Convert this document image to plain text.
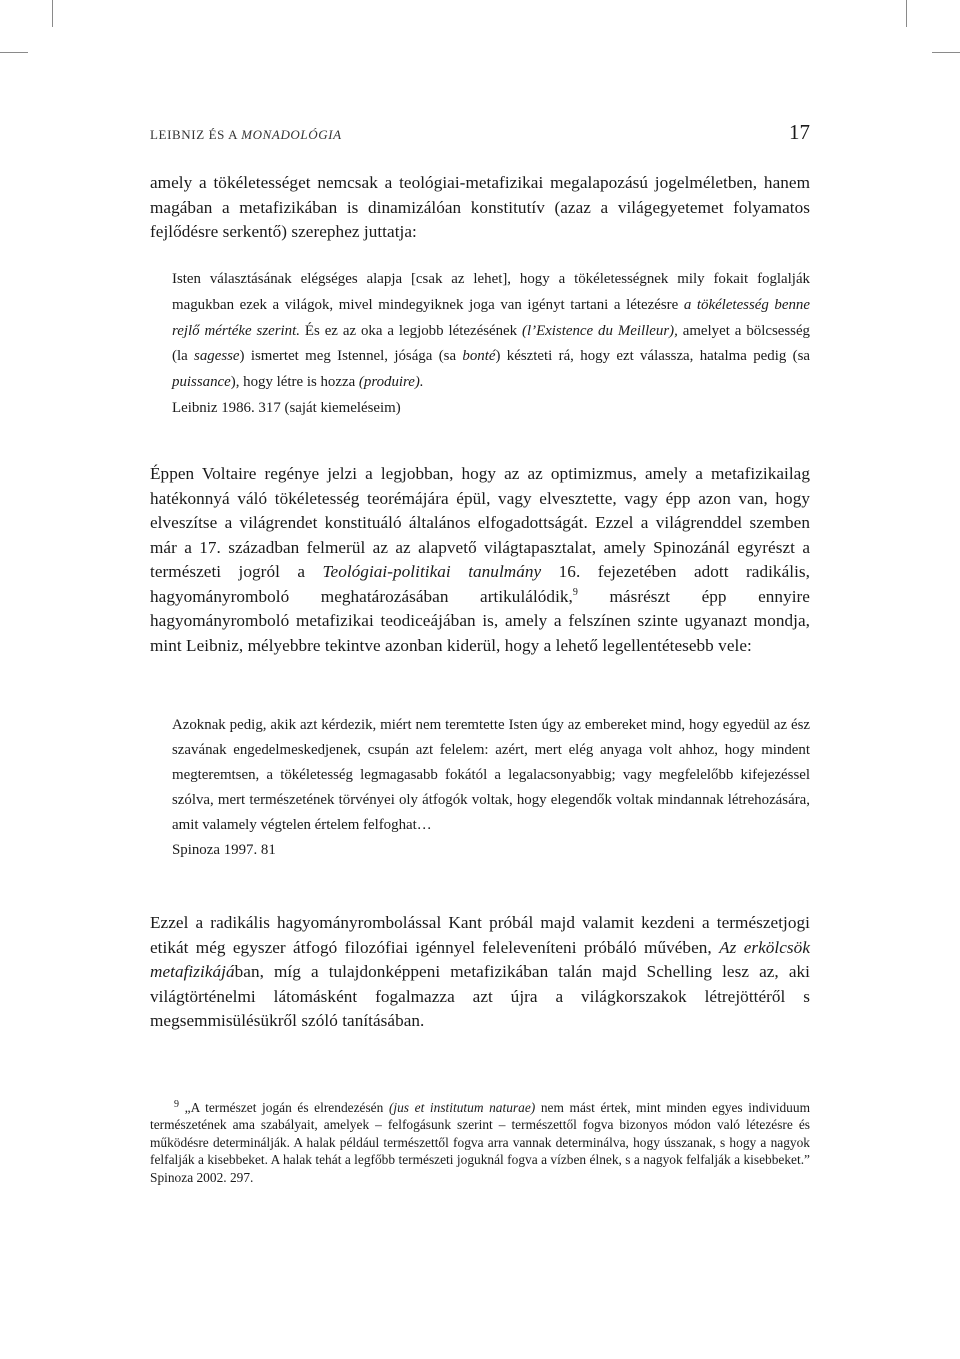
LEIBNIZ ÉS A MONADOLÓGIA	17
amely a tökéletességet nemcsak a teológiai-metafizikai megalapozású jogelméletben, hanem magában a metafizikában is dinamizálóan konstitutív (azaz a világegyetemet folyamatos fejlődésre serkentő) szerephez juttatja:
Isten választásának elégséges alapja [csak az lehet], hogy a tökéletességnek mily fokait foglalják magukban ezek a világok, mivel mindegyiknek joga van igényt tartani a létezésre a tökéletesség benne rejlő mértéke szerint. És ez az oka a legjobb létezésének (l’Existence du Meilleur), amelyet a bölcsesség (la sagesse) ismertet meg Istennel, jósága (sa bonté) készteti rá, hogy ezt válassza, hatalma pedig (sa puissance), hogy létre is hozza (produire).
Leibniz 1986. 317 (saját kiemeléseim)
Éppen Voltaire regénye jelzi a legjobban, hogy az az optimizmus, amely a metafizikailag hatékonnyá váló tökéletesség teorémájára épül, vagy elvesztette, vagy épp azon van, hogy elveszítse a világrendet konstituáló általános elfogadottságát. Ezzel a világrenddel szemben már a 17. században felmerül az az alapvető világtapasztalat, amely Spinozánál egyrészt a természeti jogról a Teológiai-politikai tanulmány 16. fejezetében adott radikális, hagyományromboló meghatározásában artikulálódik,$^9$ másrészt épp ennyire hagyományromboló metafizikai teodiceájában is, amely a felszínen szinte ugyanazt mondja, mint Leibniz, mélyebbre tekintve azonban kiderül, hogy a lehető legellentétesebb vele:
Azoknak pedig, akik azt kérdezik, miért nem teremtette Isten úgy az embereket mind, hogy egyedül az ész szavának engedelmeskedjenek, csupán azt felelem: azért, mert elég anyaga volt ahhoz, hogy mindent megteremtsen, a tökéletesség legmagasabb fokától a legalacsonyabbig; vagy megfelelőbb kifejezéssel szólva, mert természetének törvényei oly átfogók voltak, hogy elegendők voltak mindannak létrehozására, amit valamely végtelen értelem felfoghat…
Spinoza 1997. 81
Ezzel a radikális hagyományrombolással Kant próbál majd valamit kezdeni a természetjogi etikát még egyszer átfogó filozófiai igénnyel feleleveníteni próbáló művében, Az erkölcsök metafizikájában, míg a tulajdonképpeni metafizikában talán majd Schelling lesz az, aki világtörténelmi látomásként fogalmazza azt újra a világkorszakok létrejöttéről s megsemmisülésükről szóló tanításában.
$^9$ „A természet jogán és elrendezésén (jus et institutum naturae) nem mást értek, mint minden egyes individuum természetének ama szabályait, amelyek – felfogásunk szerint – természettől fogva bizonyos módon való létezésre és működésre determinálják. A halak például természettől fogva arra vannak determinálva, hogy ússzanak, s hogy a nagyok felfalják a kisebbeket. A halak tehát a legfőbb természeti joguknál fogva a vízben élnek, s a nagyok felfalják a kisebbeket.” Spinoza 2002. 297.
